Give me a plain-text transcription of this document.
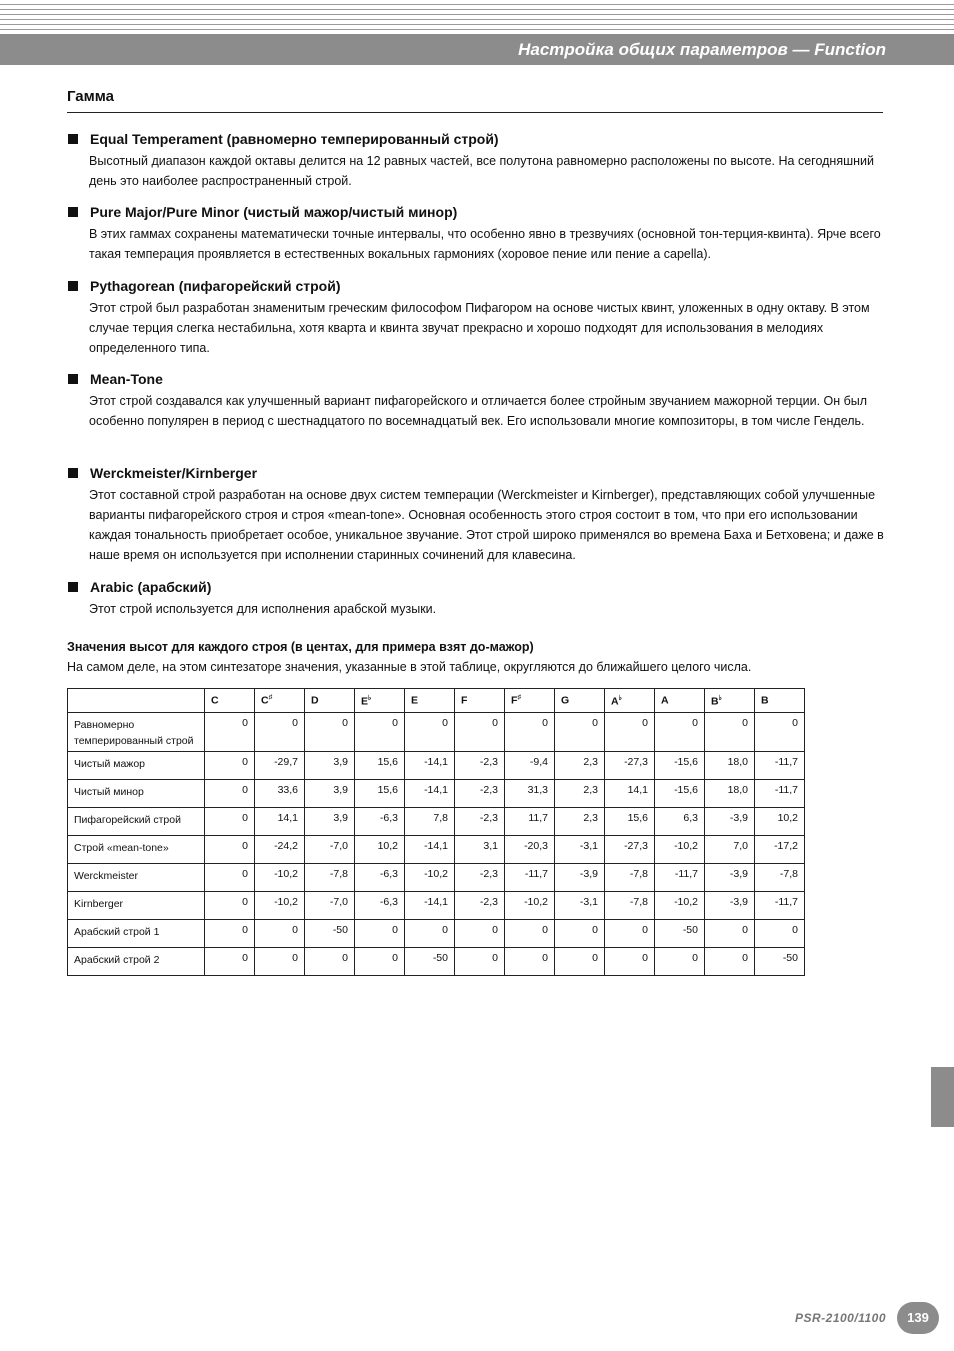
Настройка общих параметров — Function
Гамма
Equal Temperament (равномерно темперированный строй)

Высотный диапазон каждой октавы делится на 12 равных частей, все полутона равномерно расположены по высоте. На сегодняшний день это наиболее распространенный строй.

Pure Major/Pure Minor (чистый мажор/чистый минор)

В этих гаммах сохранены математически точные интервалы, что особенно явно в трезвучиях (основной тон-терция-квинта). Ярче всего такая темперация проявляется в естественных вокальных гармониях (хоровое пение или пение a capella).

Pythagorean (пифагорейский строй)

Этот строй был разработан знаменитым греческим философом Пифагором на основе чистых квинт, уложенных в одну октаву. В этом случае терция слегка нестабильна, хотя кварта и квинта звучат прекрасно и хорошо подходят для использования в мелодиях определенного типа.

Mean-Tone

Этот строй создавался как улучшенный вариант пифагорейского и отличается более стройным звучанием мажорной терции. Он был особенно популярен в период с шестнадцатого по восемнадцатый век. Его использовали многие композиторы, в том числе Гендель.

Werckmeister/Kirnberger

Этот составной строй разработан на основе двух систем темперации (Werckmeister и Kirnberger), представляющих собой улучшенные варианты пифагорейского строя и строя «mean-tone». Основная особенность этого строя состоит в том, что при его использовании каждая тональность приобретает особое, уникальное звучание. Этот строй широко применялся во времена Баха и Бетховена; и даже в наше время он используется при исполнении старинных сочинений для клавесина.

Arabic (арабский)

Этот строй используется для исполнения арабской музыки.

Значения высот для каждого строя (в центах, для примера взят до-мажор)
На самом деле, на этом синтезаторе значения, указанные в этой таблице, округляются до ближайшего целого числа.
	C	C♯	D	E♭	E	F	F♯	G	A♭	A	B♭	B
Равномерно темперированный строй	0	0	0	0	0	0	0	0	0	0	0	0
Чистый мажор	0	-29,7	3,9	15,6	-14,1	-2,3	-9,4	2,3	-27,3	-15,6	18,0	-11,7
Чистый минор	0	33,6	3,9	15,6	-14,1	-2,3	31,3	2,3	14,1	-15,6	18,0	-11,7
Пифагорейский строй	0	14,1	3,9	-6,3	7,8	-2,3	11,7	2,3	15,6	6,3	-3,9	10,2
Строй «mean-tone»	0	-24,2	-7,0	10,2	-14,1	3,1	-20,3	-3,1	-27,3	-10,2	7,0	-17,2
Werckmeister	0	-10,2	-7,8	-6,3	-10,2	-2,3	-11,7	-3,9	-7,8	-11,7	-3,9	-7,8
Kirnberger	0	-10,2	-7,0	-6,3	-14,1	-2,3	-10,2	-3,1	-7,8	-10,2	-3,9	-11,7
Арабский строй 1	0	0	-50	0	0	0	0	0	0	-50	0	0
Арабский строй 2	0	0	0	0	-50	0	0	0	0	0	0	-50
PSR-2100/1100	139
